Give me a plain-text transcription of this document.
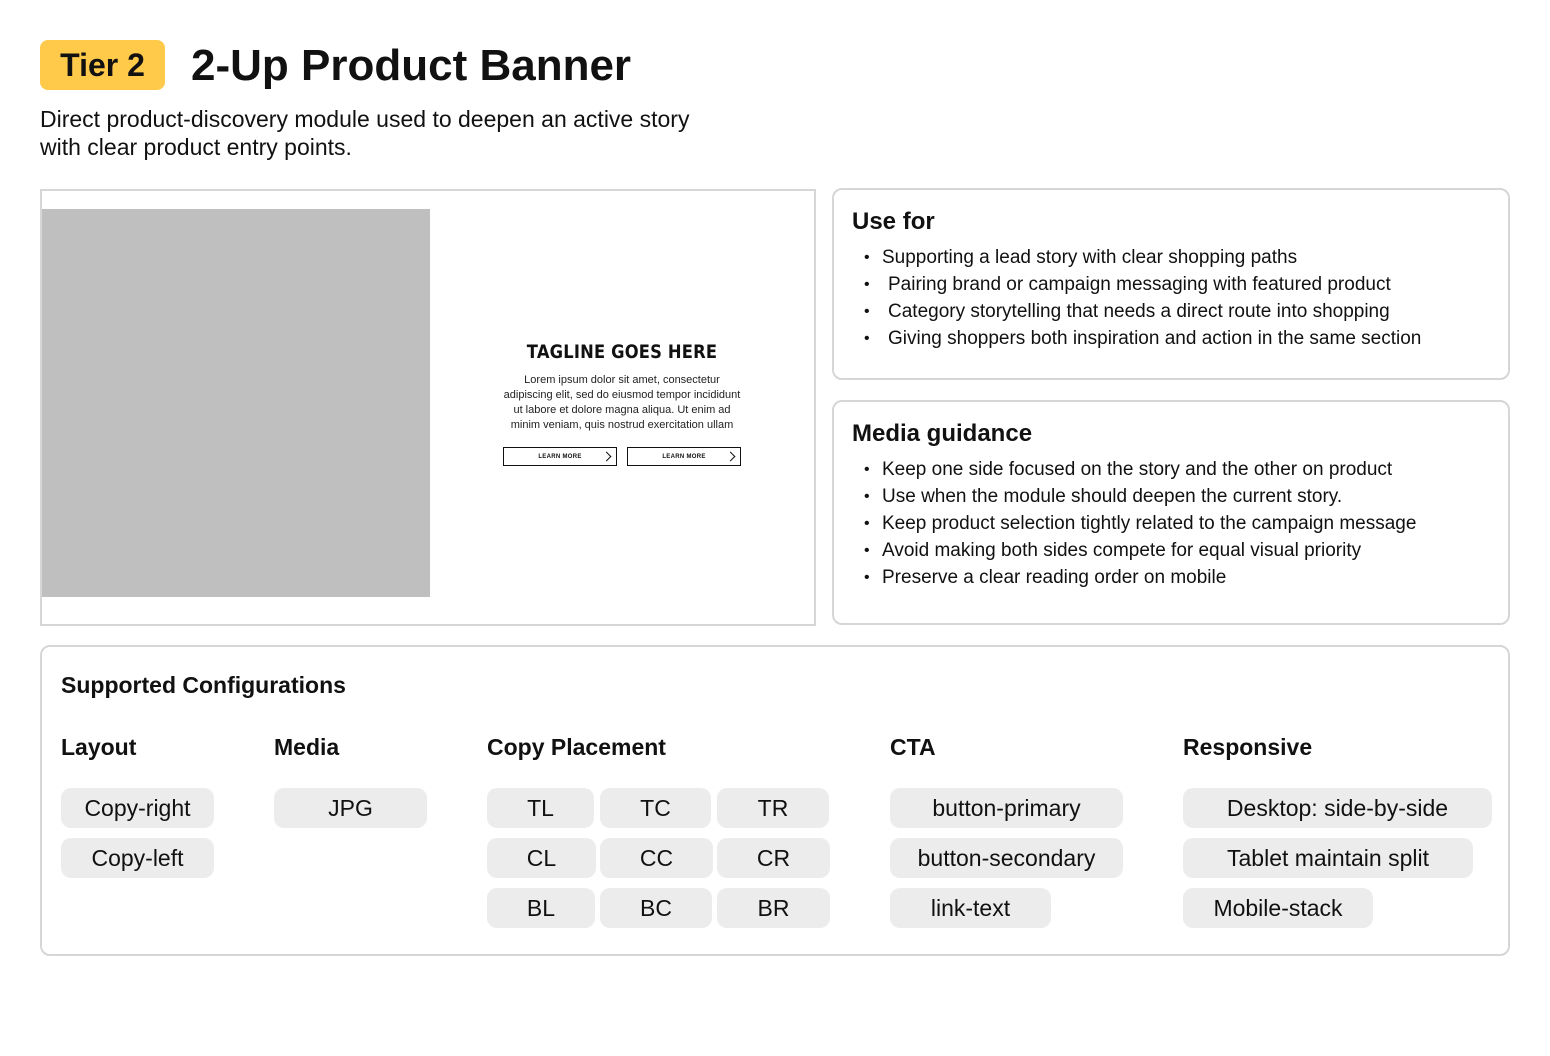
Tier 2	2-Up Product Banner

Direct product-discovery module used to deepen an active story
with clear product entry points.

TAGLINE GOES HERE

Lorem ipsum dolor sit amet, consectetur
adipiscing elit, sed do eiusmod tempor incididunt
ut labore et dolore magna aliqua. Ut enim ad
minim veniam, quis nostrud exercitation ullam

LEARN MORE	LEARN MORE
Use for
• Supporting a lead story with clear shopping paths
• Pairing brand or campaign messaging with featured product
• Category storytelling that needs a direct route into shopping
• Giving shoppers both inspiration and action in the same section
Media guidance
• Keep one side focused on the story and the other on product
• Use when the module should deepen the current story.
• Keep product selection tightly related to the campaign message
• Avoid making both sides compete for equal visual priority
• Preserve a clear reading order on mobile
Supported Configurations
Layout
Copy-right
Copy-left
Media
JPG
Copy Placement
TL	TC	TR
CL	CC	CR
BL	BC	BR
CTA
button-primary
button-secondary
link-text
Responsive
Desktop: side-by-side
Tablet maintain split
Mobile-stack
